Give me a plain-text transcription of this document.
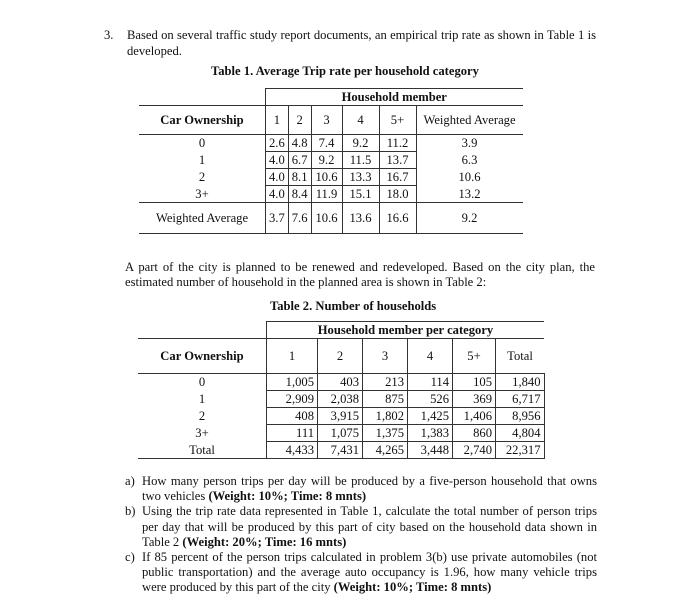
3. Based on several traffic study report documents, an empirical trip rate as shown in Table 1 is developed.
Table 1. Average Trip rate per household category
	Household member					
Car Ownership	1	2	3	4	5+	Weighted Average
0	2.6	4.8	7.4	9.2	11.2	3.9
1	4.0	6.7	9.2	11.5	13.7	6.3
2	4.0	8.1	10.6	13.3	16.7	10.6
3+	4.0	8.4	11.9	15.1	18.0	13.2
Weighted Average	3.7	7.6	10.6	13.6	16.6	9.2
A part of the city is planned to be renewed and redeveloped. Based on the city plan, the estimated number of household in the planned area is shown in Table 2:
Table 2. Number of households
	Household member per category					
Car Ownership	1	2	3	4	5+	Total
0	1,005	403	213	114	105	1,840
1	2,909	2,038	875	526	369	6,717
2	408	3,915	1,802	1,425	1,406	8,956
3+	111	1,075	1,375	1,383	860	4,804
Total	4,433	7,431	4,265	3,448	2,740	22,317
a) How many person trips per day will be produced by a five-person household that owns two vehicles (Weight: 10%; Time: 8 mnts)
b) Using the trip rate data represented in Table 1, calculate the total number of person trips per day that will be produced by this part of city based on the household data shown in Table 2 (Weight: 20%; Time: 16 mnts)
c) If 85 percent of the person trips calculated in problem 3(b) use private automobiles (not public transportation) and the average auto occupancy is 1.96, how many vehicle trips were produced by this part of the city (Weight: 10%; Time: 8 mnts)
